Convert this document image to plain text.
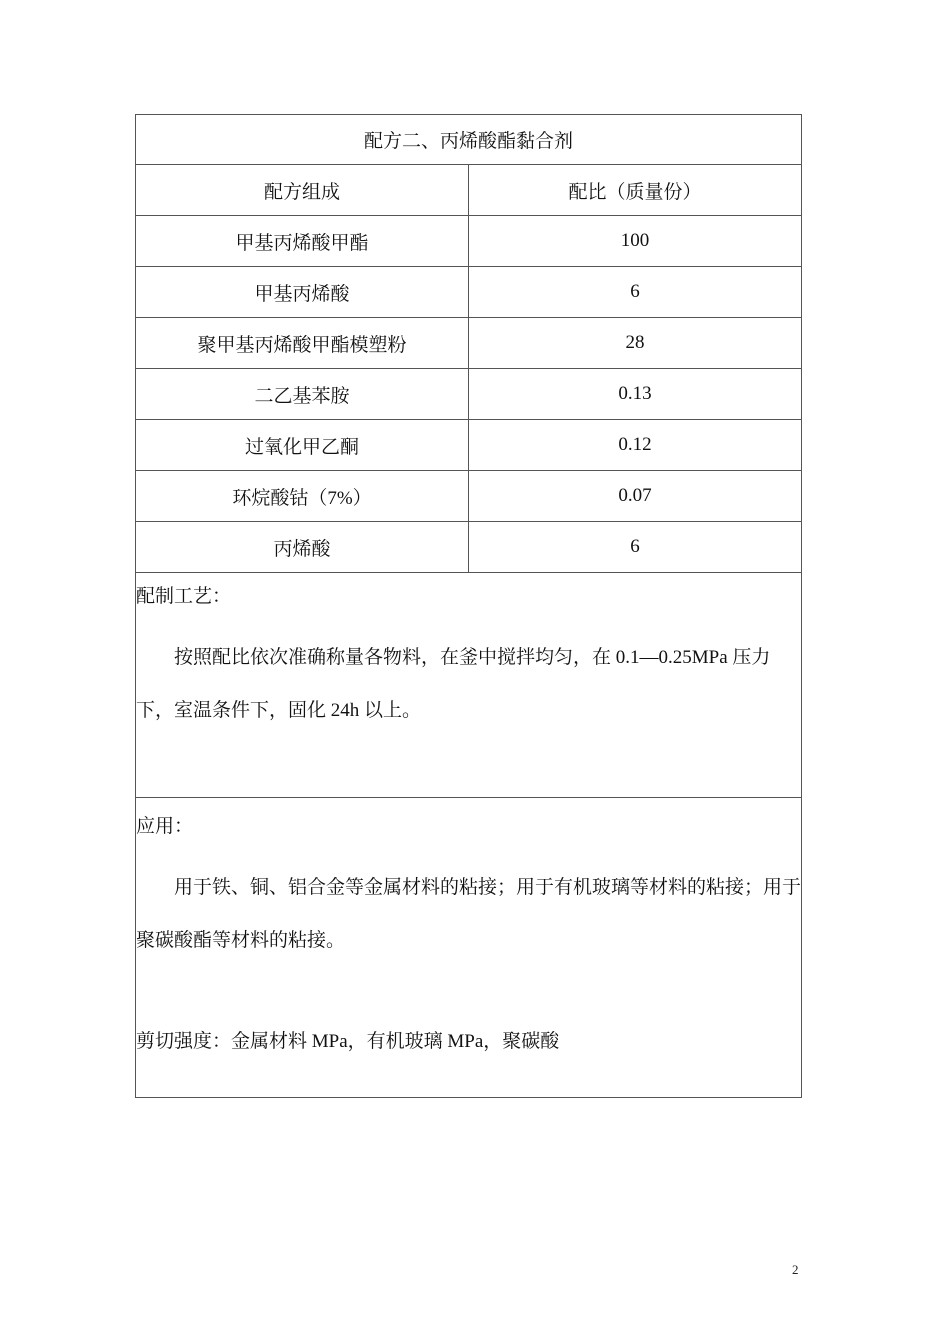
配方二、丙烯酸酯黏合剂	
配方组成	配比（质量份）
甲基丙烯酸甲酯	100
甲基丙烯酸	6
聚甲基丙烯酸甲酯模塑粉	28
二乙基苯胺	0.13
过氧化甲乙酮	0.12
环烷酸钴（7%）	0.07
丙烯酸	6

配制工艺：
按照配比依次准确称量各物料，在釜中搅拌均匀，在 0.1—0.25MPa 压力下，室温条件下，固化 24h 以上。	

应用：
用于铁、铜、铝合金等金属材料的粘接；用于有机玻璃等材料的粘接；用于聚碳酸酯等材料的粘接。
剪切强度：金属材料 MPa，有机玻璃 MPa，聚碳酸	
2
